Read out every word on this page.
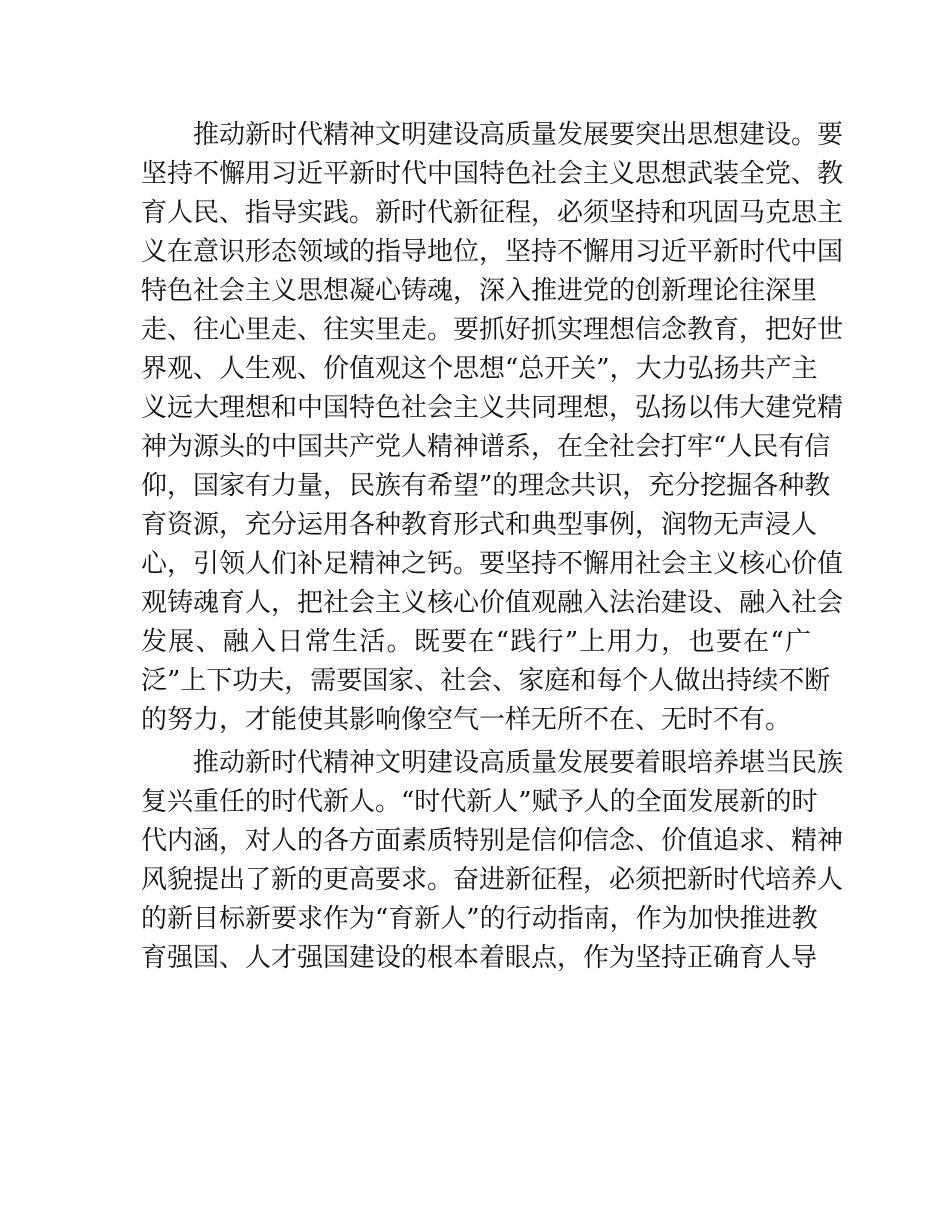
推动新时代精神文明建设高质量发展要突出思想建设。要
坚持不懈用习近平新时代中国特色社会主义思想武装全党、教
育人民、指导实践。新时代新征程，必须坚持和巩固马克思主
义在意识形态领域的指导地位，坚持不懈用习近平新时代中国
特色社会主义思想凝心铸魂，深入推进党的创新理论往深里
走、往心里走、往实里走。要抓好抓实理想信念教育，把好世
界观、人生观、价值观这个思想“总开关”，大力弘扬共产主
义远大理想和中国特色社会主义共同理想，弘扬以伟大建党精
神为源头的中国共产党人精神谱系，在全社会打牢“人民有信
仰，国家有力量，民族有希望”的理念共识，充分挖掘各种教
育资源，充分运用各种教育形式和典型事例，润物无声浸人
心，引领人们补足精神之钙。要坚持不懈用社会主义核心价值
观铸魂育人，把社会主义核心价值观融入法治建设、融入社会
发展、融入日常生活。既要在“践行”上用力，也要在“广
泛”上下功夫，需要国家、社会、家庭和每个人做出持续不断
的努力，才能使其影响像空气一样无所不在、无时不有。
推动新时代精神文明建设高质量发展要着眼培养堪当民族
复兴重任的时代新人。“时代新人”赋予人的全面发展新的时
代内涵，对人的各方面素质特别是信仰信念、价值追求、精神
风貌提出了新的更高要求。奋进新征程，必须把新时代培养人
的新目标新要求作为“育新人”的行动指南，作为加快推进教
育强国、人才强国建设的根本着眼点，作为坚持正确育人导
